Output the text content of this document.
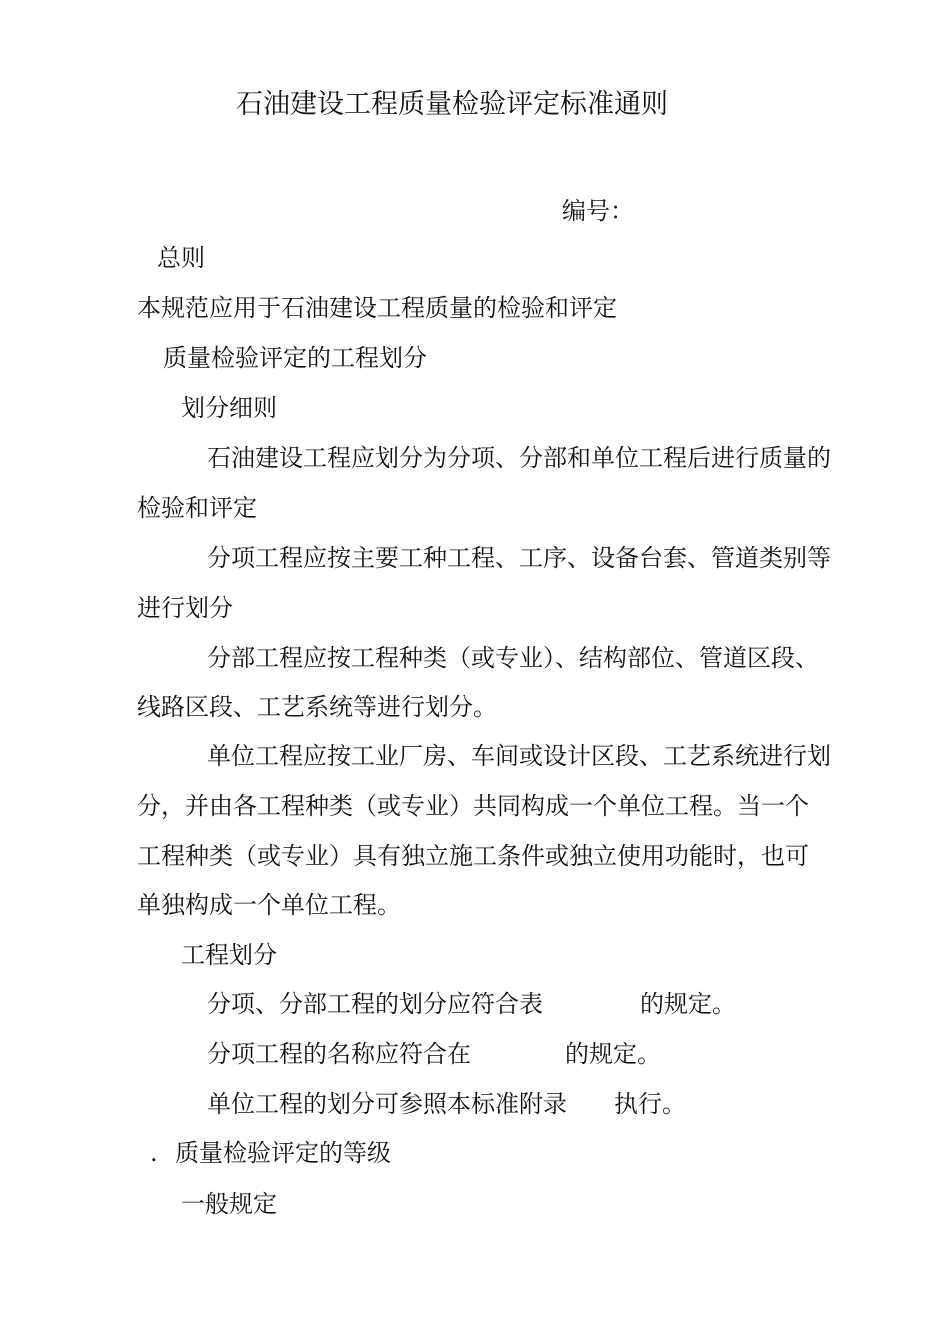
石油建设工程质量检验评定标准通则
编号：
总则
本规范应用于石油建设工程质量的检验和评定
质量检验评定的工程划分
划分细则
石油建设工程应划分为分项、分部和单位工程后进行质量的
检验和评定
分项工程应按主要工种工程、工序、设备台套、管道类别等
进行划分
分部工程应按工程种类（或专业）、结构部位、管道区段、
线路区段、工艺系统等进行划分。
单位工程应按工业厂房、车间或设计区段、工艺系统进行划
分，并由各工程种类（或专业）共同构成一个单位工程。当一个
工程种类（或专业）具有独立施工条件或独立使用功能时，也可
单独构成一个单位工程。
工程划分
分项、分部工程的划分应符合表	的规定。
分项工程的名称应符合在	的规定。
单位工程的划分可参照本标准附录 执行。
. 质量检验评定的等级
一般规定
